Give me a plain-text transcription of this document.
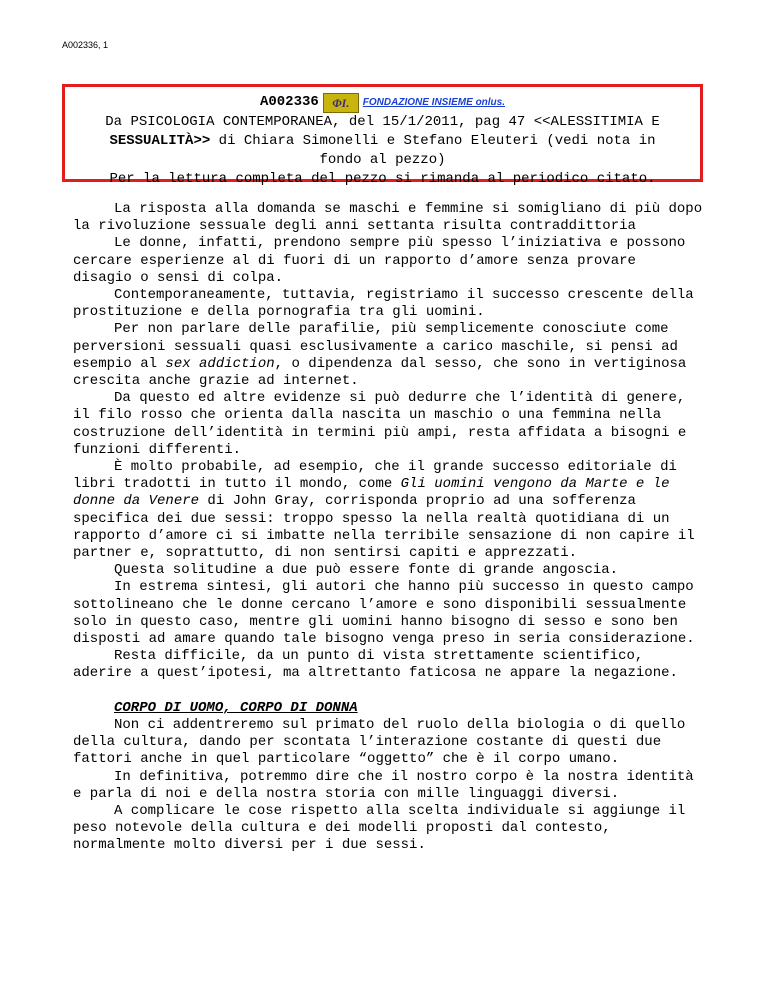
A002336, 1
A002336 ΦI. FONDAZIONE INSIEME onlus.
Da PSICOLOGIA CONTEMPORANEA, del 15/1/2011, pag 47 <<ALESSITIMIA E
SESSUALITÀ>> di Chiara Simonelli e Stefano Eleuteri (vedi nota in
fondo al pezzo)
Per la lettura completa del pezzo si rimanda al periodico citato.

La risposta alla domanda se maschi e femmine si somigliano di più dopo la rivoluzione sessuale degli anni settanta risulta contraddittoria

Le donne, infatti, prendono sempre più spesso l’iniziativa e possono cercare esperienze al di fuori di un rapporto d’amore senza provare disagio o sensi di colpa.

Contemporaneamente, tuttavia, registriamo il successo crescente della prostituzione e della pornografia tra gli uomini.

Per non parlare delle parafilie, più semplicemente conosciute come perversioni sessuali quasi esclusivamente a carico maschile, si pensi ad esempio al sex addiction, o dipendenza dal sesso, che sono in vertiginosa crescita anche grazie ad internet.

Da questo ed altre evidenze si può dedurre che l’identità di genere, il filo rosso che orienta dalla nascita un maschio o una femmina nella costruzione dell’identità in termini più ampi, resta affidata a bisogni e funzioni differenti.

È molto probabile, ad esempio, che il grande successo editoriale di libri tradotti in tutto il mondo, come Gli uomini vengono da Marte e le donne da Venere di John Gray, corrisponda proprio ad una sofferenza specifica dei due sessi: troppo spesso la nella realtà quotidiana di un rapporto d’amore ci si imbatte nella terribile sensazione di non capire il partner e, soprattutto, di non sentirsi capiti e apprezzati.

Questa solitudine a due può essere fonte di grande angoscia.

In estrema sintesi, gli autori che hanno più successo in questo campo sottolineano che le donne cercano l’amore e sono disponibili sessualmente solo in questo caso, mentre gli uomini hanno bisogno di sesso e sono ben disposti ad amare quando tale bisogno venga preso in seria considerazione.

Resta difficile, da un punto di vista strettamente scientifico, aderire a quest’ipotesi, ma altrettanto faticosa ne appare la negazione.

CORPO DI UOMO, CORPO DI DONNA

Non ci addentreremo sul primato del ruolo della biologia o di quello della cultura, dando per scontata l’interazione costante di questi due fattori anche in quel particolare “oggetto” che è il corpo umano.

In definitiva, potremmo dire che il nostro corpo è la nostra identità e parla di noi e della nostra storia con mille linguaggi diversi.

A complicare le cose rispetto alla scelta individuale si aggiunge il peso notevole della cultura e dei modelli proposti dal contesto, normalmente molto diversi per i due sessi.
